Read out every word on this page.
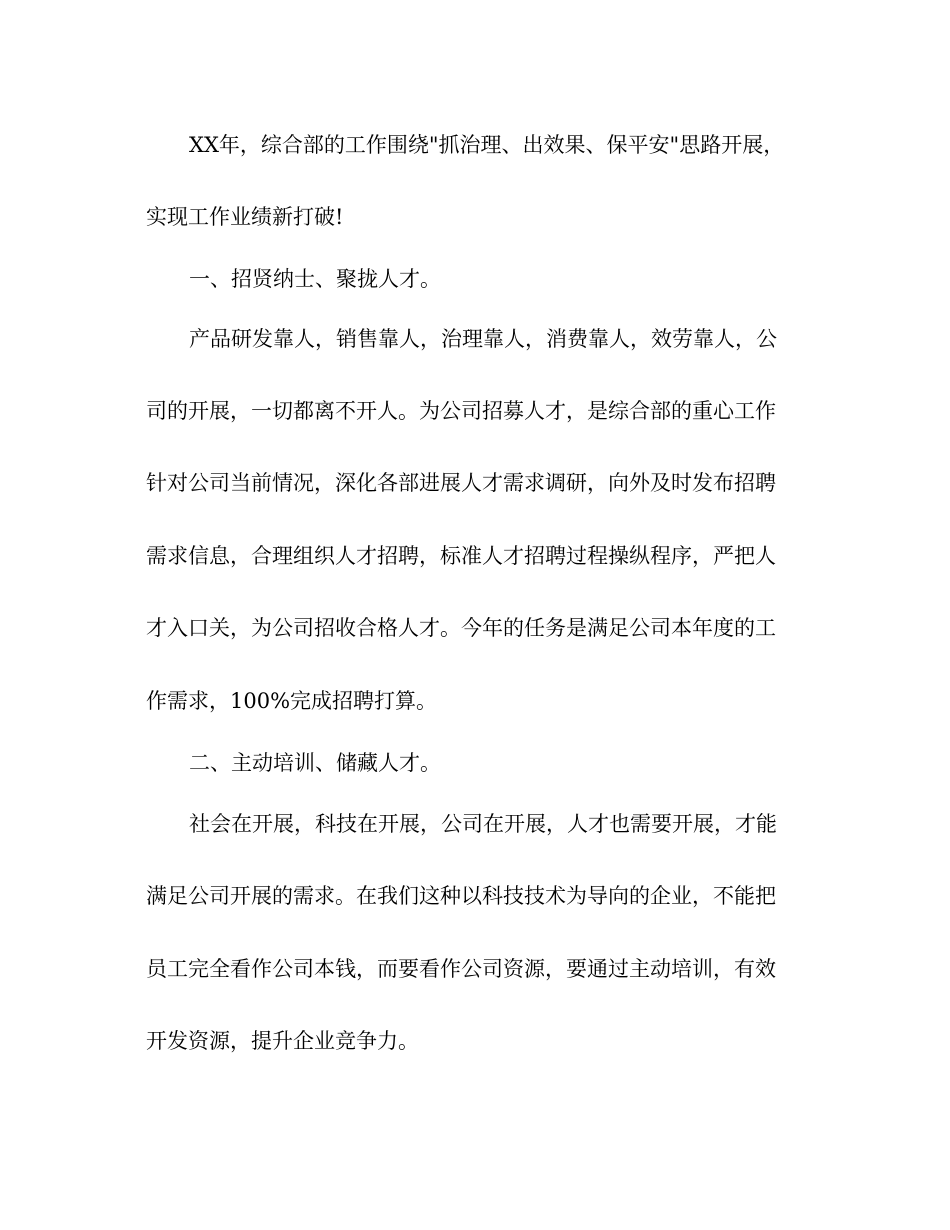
XX年，综合部的工作围绕"抓治理、出效果、保平安"思路开展，
实现工作业绩新打破!
一、招贤纳士、聚拢人才。
产品研发靠人，销售靠人，治理靠人，消费靠人，效劳靠人，公
司的开展，一切都离不开人。为公司招募人才，是综合部的重心工作
针对公司当前情况，深化各部进展人才需求调研，向外及时发布招聘
需求信息，合理组织人才招聘，标准人才招聘过程操纵程序，严把人
才入口关，为公司招收合格人才。今年的任务是满足公司本年度的工
作需求，100%完成招聘打算。
二、主动培训、储藏人才。
社会在开展，科技在开展，公司在开展，人才也需要开展，才能
满足公司开展的需求。在我们这种以科技技术为导向的企业，不能把
员工完全看作公司本钱，而要看作公司资源，要通过主动培训，有效
开发资源，提升企业竞争力。
